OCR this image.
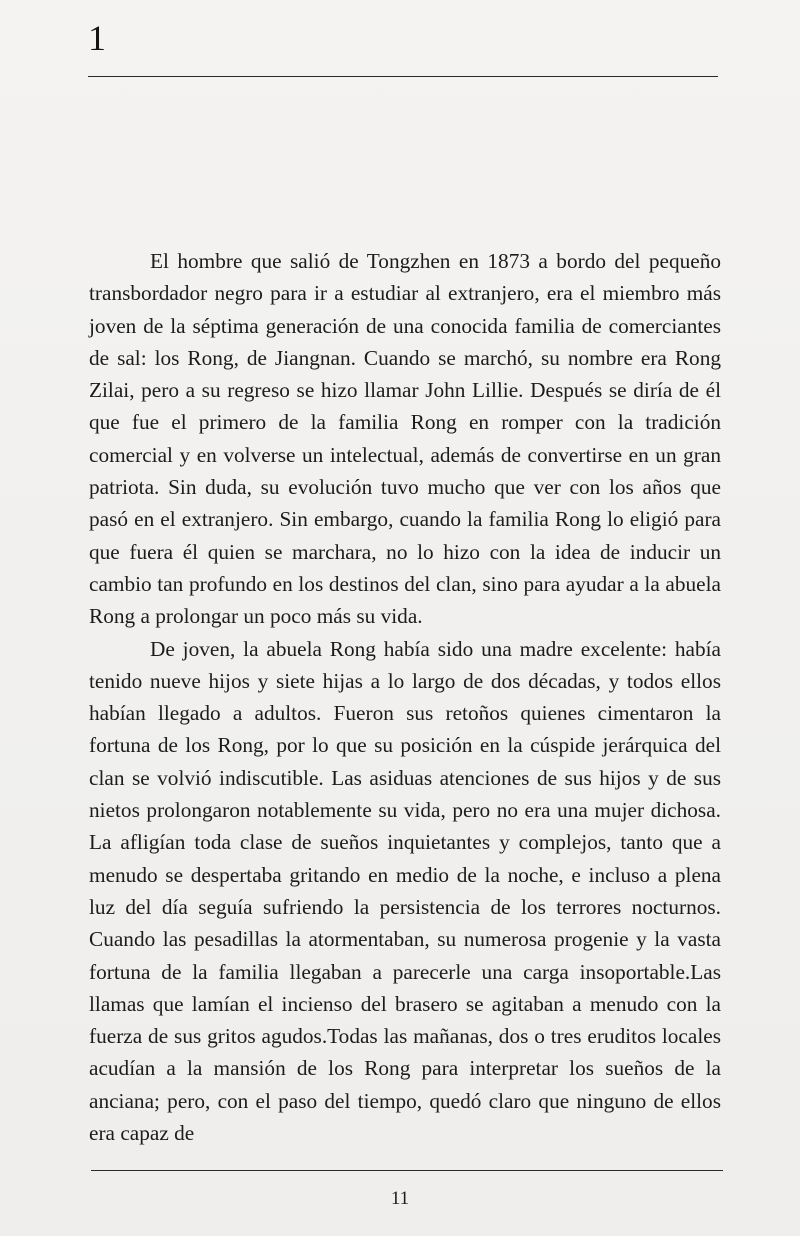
1

El hombre que salió de Tongzhen en 1873 a bordo del pequeño transbordador negro para ir a estudiar al extranjero, era el miembro más joven de la séptima generación de una conocida familia de comerciantes de sal: los Rong, de Jiangnan. Cuando se marchó, su nombre era Rong Zilai, pero a su regreso se hizo llamar John Lillie. Después se diría de él que fue el primero de la familia Rong en romper con la tradición comercial y en volverse un intelectual, además de convertirse en un gran patriota. Sin duda, su evolución tuvo mucho que ver con los años que pasó en el extranjero. Sin embargo, cuando la familia Rong lo eligió para que fuera él quien se marchara, no lo hizo con la idea de inducir un cambio tan profundo en los destinos del clan, sino para ayudar a la abuela Rong a prolongar un poco más su vida.

De joven, la abuela Rong había sido una madre excelente: había tenido nueve hijos y siete hijas a lo largo de dos décadas, y todos ellos habían llegado a adultos. Fueron sus retoños quienes cimentaron la fortuna de los Rong, por lo que su posición en la cúspide jerárquica del clan se volvió indiscutible. Las asiduas atenciones de sus hijos y de sus nietos prolongaron notablemente su vida, pero no era una mujer dichosa. La afligían toda clase de sueños inquietantes y complejos, tanto que a menudo se despertaba gritando en medio de la noche, e incluso a plena luz del día seguía sufriendo la persistencia de los terrores nocturnos. Cuando las pesadillas la atormentaban, su numerosa progenie y la vasta fortuna de la familia llegaban a parecerle una carga insoportable.Las llamas que lamían el incienso del brasero se agitaban a menudo con la fuerza de sus gritos agudos.Todas las mañanas, dos o tres eruditos locales acudían a la mansión de los Rong para interpretar los sueños de la anciana; pero, con el paso del tiempo, quedó claro que ninguno de ellos era capaz de

11
